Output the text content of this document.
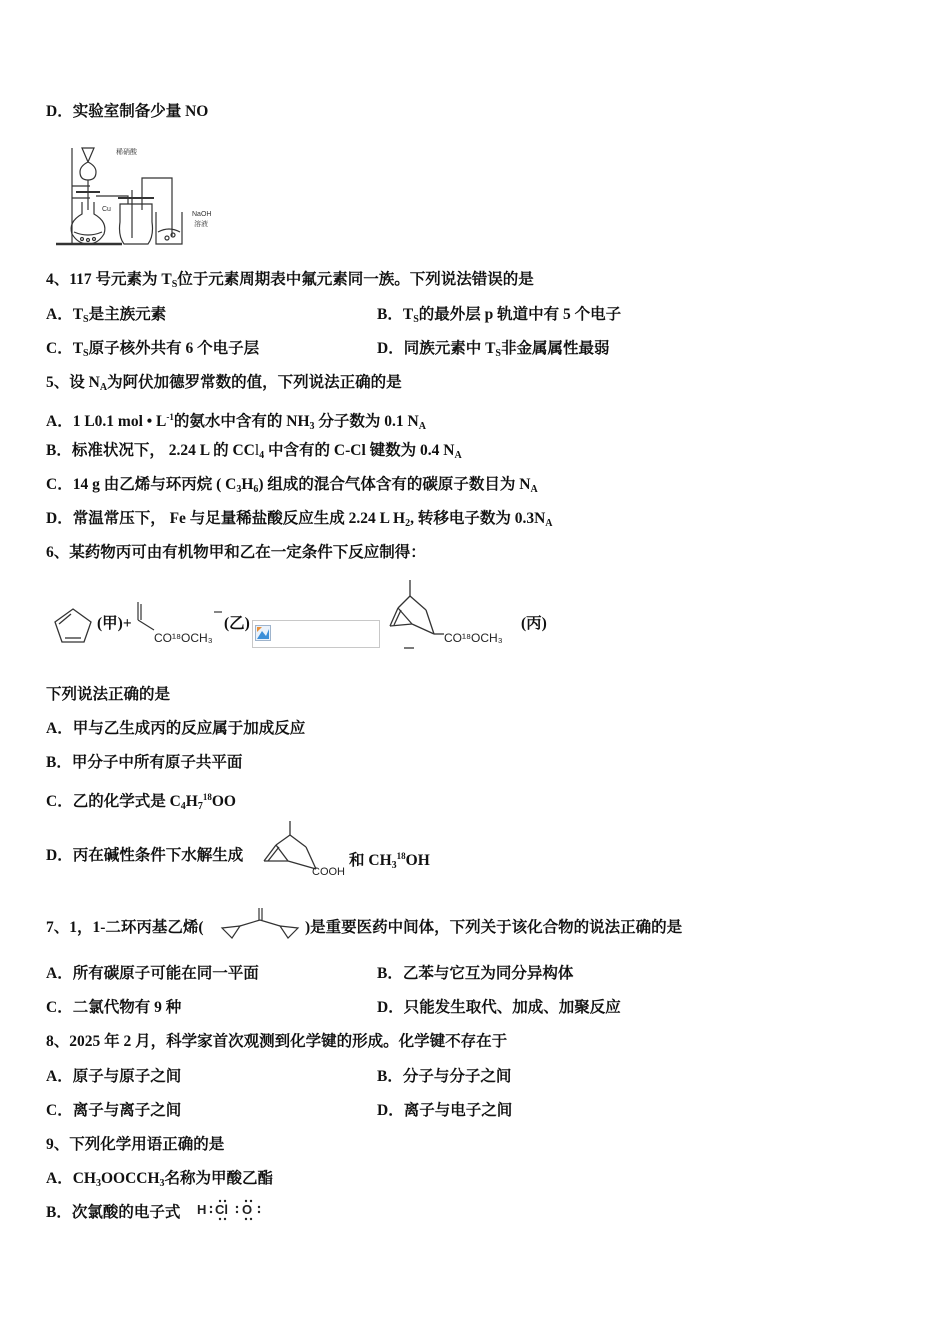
D．实验室制备少量 NO
稀硝酸
Cu
NaOH
溶液
4、117 号元素为 $T_S$位于元素周期表中氟元素同一族。下列说法错误的是
A．$T_S$是主族元素	B．$T_S$的最外层 p 轨道中有 5 个电子
C．$T_S$原子核外共有 6 个电子层	D．同族元素中 $T_S$非金属属性最弱
5、设 $N_A$为阿伏加德罗常数的值，下列说法正确的是
A．1 L0.1 mol • $L^{-1}$的氨水中含有的 $NH_3$ 分子数为 0.1 $N_A$
B．标准状况下， 2.24 L 的 CCl$_4$ 中含有的 C-Cl 键数为 0.4 $N_A$
C．14 g 由乙烯与环丙烷 ( $C_3H_6$) 组成的混合气体含有的碳原子数目为 $N_A$
D．常温常压下， Fe 与足量稀盐酸反应生成 2.24 L $H_2$, 转移电子数为 $0.3N_A$
6、某药物丙可由有机物甲和乙在一定条件下反应制得：
(甲)+
CO¹⁸OCH₃
(乙)
CO¹⁸OCH₃
(丙)
下列说法正确的是
A．甲与乙生成丙的反应属于加成反应
B．甲分子中所有原子共平面
C．乙的化学式是 $C_4H_7^{18}OO$
D．丙在碱性条件下水解生成
COOH
和 $CH_3^{18}OH$
7、1，1-二环丙基乙烯(	)是重要医药中间体，下列关于该化合物的说法正确的是
A．所有碳原子可能在同一平面	B．乙苯与它互为同分异构体
C．二氯代物有 9 种	D．只能发生取代、加成、加聚反应
8、2025 年 2 月，科学家首次观测到化学键的形成。化学键不存在于
A．原子与原子之间	B．分子与分子之间
C．离子与离子之间	D．离子与电子之间
9、下列化学用语正确的是
A．$CH_3OOCCH_3$名称为甲酸乙酯
B．次氯酸的电子式 H Cl O
